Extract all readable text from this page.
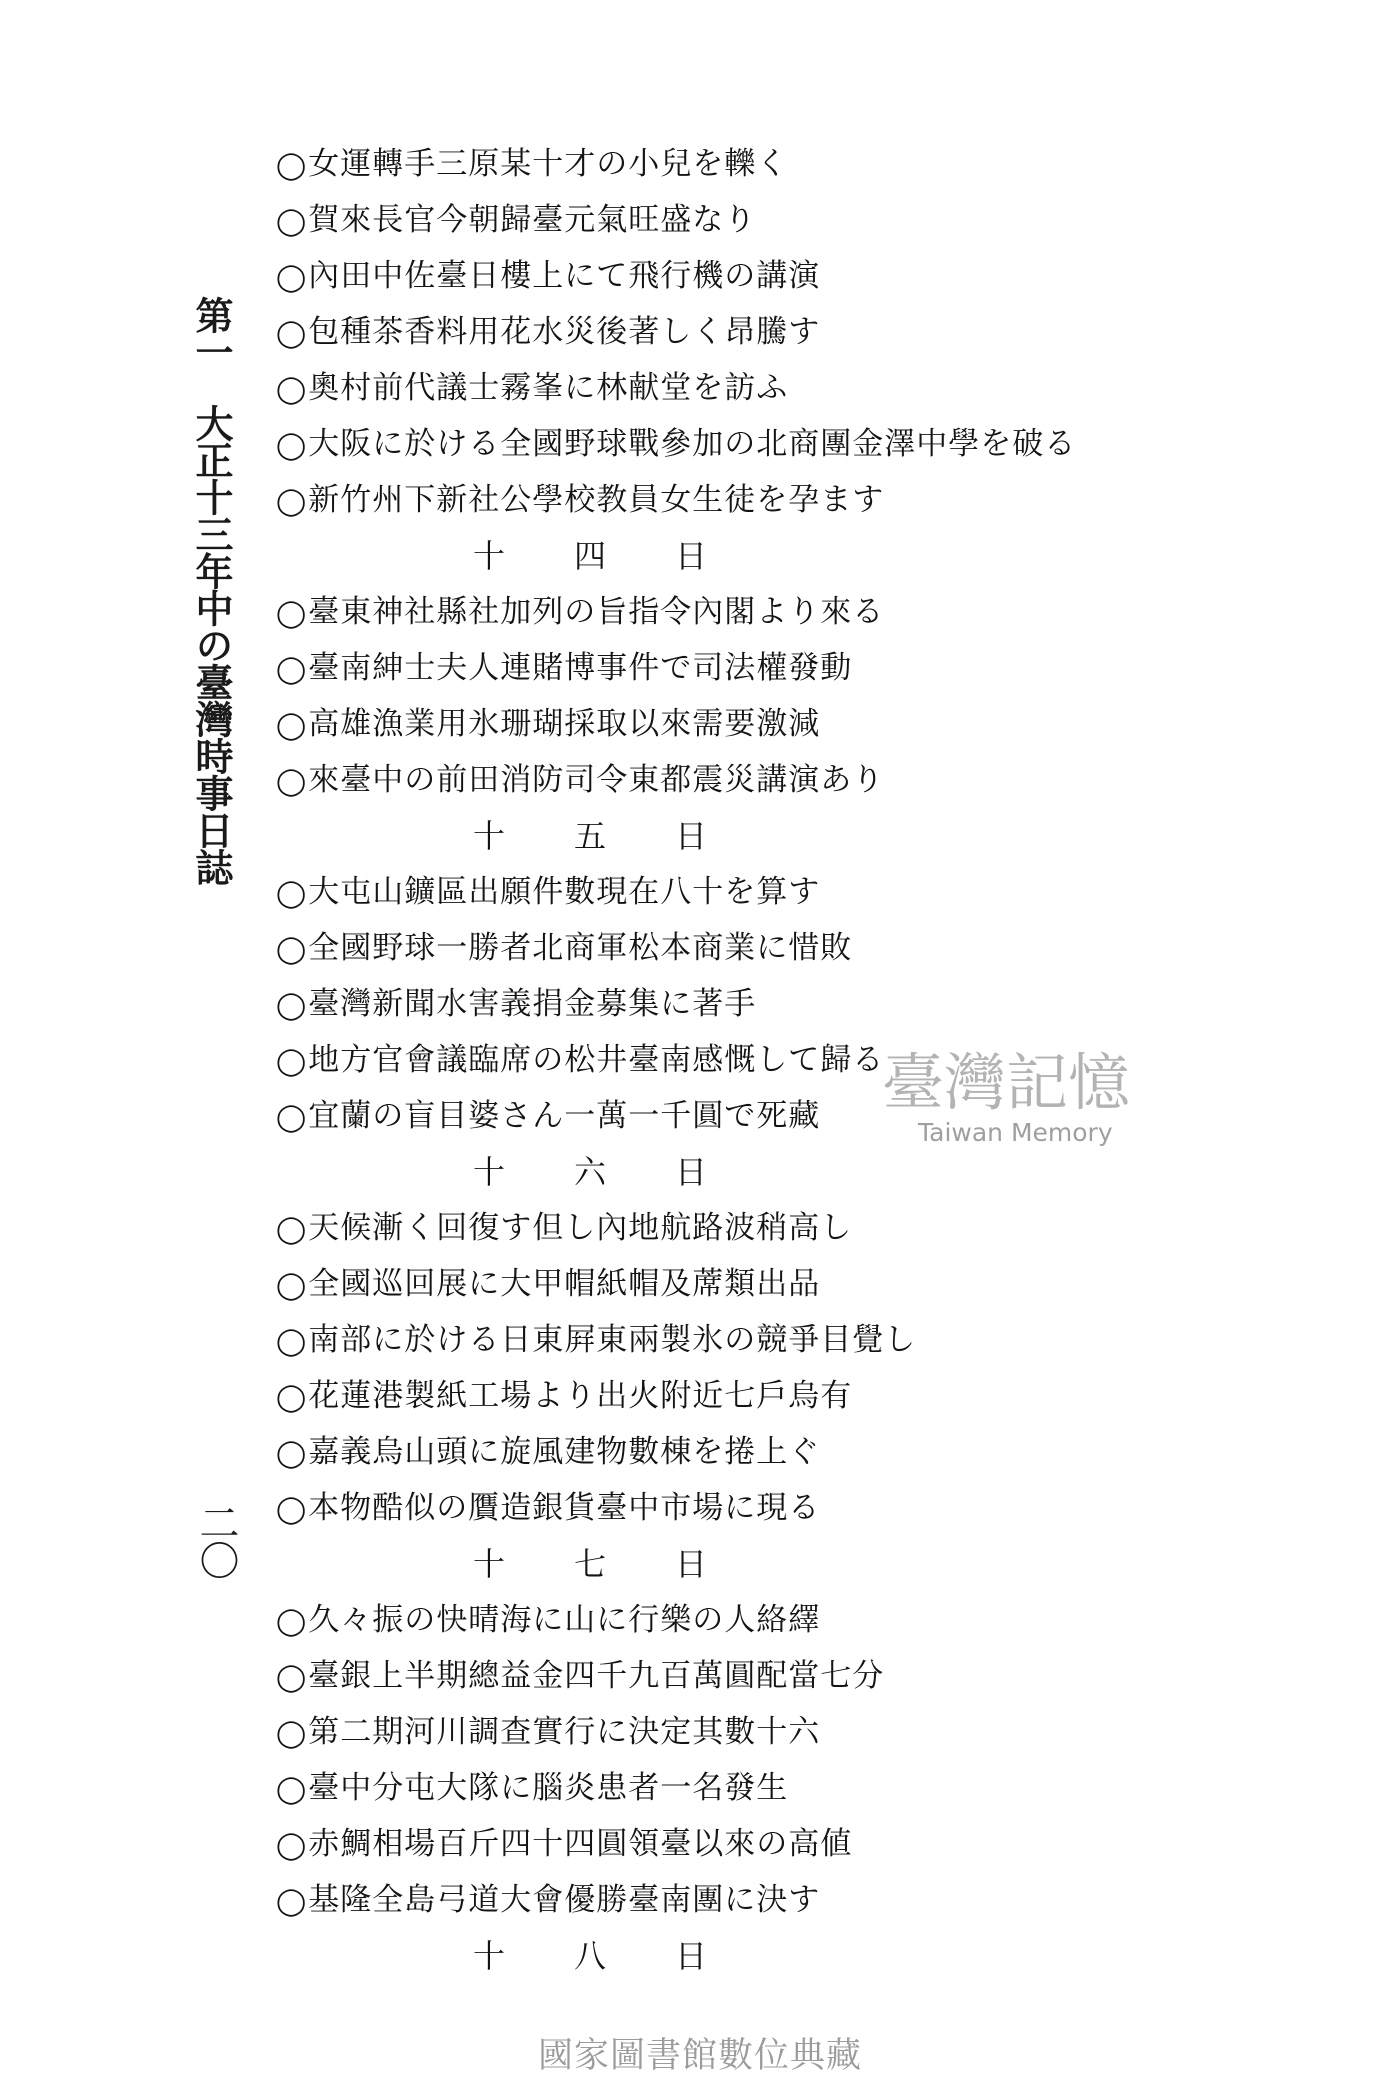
第一大正十三年中の臺灣時事日誌
二〇
◯女運轉手三原某十才の小兒を轢く
◯賀來長官今朝歸臺元氣旺盛なり
◯內田中佐臺日樓上にて飛行機の講演
◯包種茶香料用花水災後著しく昂騰す
◯奧村前代議士霧峯に林献堂を訪ふ
◯大阪に於ける全國野球戰參加の北商團金澤中學を破る
◯新竹州下新社公學校教員女生徒を孕ます
十 四 日
◯臺東神社縣社加列の旨指令內閣より來る
◯臺南紳士夫人連賭博事件で司法權發動
◯高雄漁業用氷珊瑚採取以來需要激減
◯來臺中の前田消防司令東都震災講演あり
十 五 日
◯大屯山鑛區出願件數現在八十を算す
◯全國野球一勝者北商軍松本商業に惜敗
◯臺灣新聞水害義捐金募集に著手
◯地方官會議臨席の松井臺南感慨して歸る
◯宜蘭の盲目婆さん一萬一千圓で死藏
十 六 日
◯天候漸く回復す但し內地航路波稍高し
◯全國巡回展に大甲帽紙帽及蓆類出品
◯南部に於ける日東屛東兩製氷の競爭目覺し
◯花蓮港製紙工場より出火附近七戶烏有
◯嘉義烏山頭に旋風建物數棟を捲上ぐ
◯本物酷似の贋造銀貨臺中市場に現る
十 七 日
◯久々振の快晴海に山に行樂の人絡繹
◯臺銀上半期總益金四千九百萬圓配當七分
◯第二期河川調查實行に決定其數十六
◯臺中分屯大隊に腦炎患者一名發生
◯赤鯛相場百斤四十四圓領臺以來の高値
◯基隆全島弓道大會優勝臺南團に決す
十 八 日
臺灣記憶
Taiwan Memory
國家圖書館數位典藏
